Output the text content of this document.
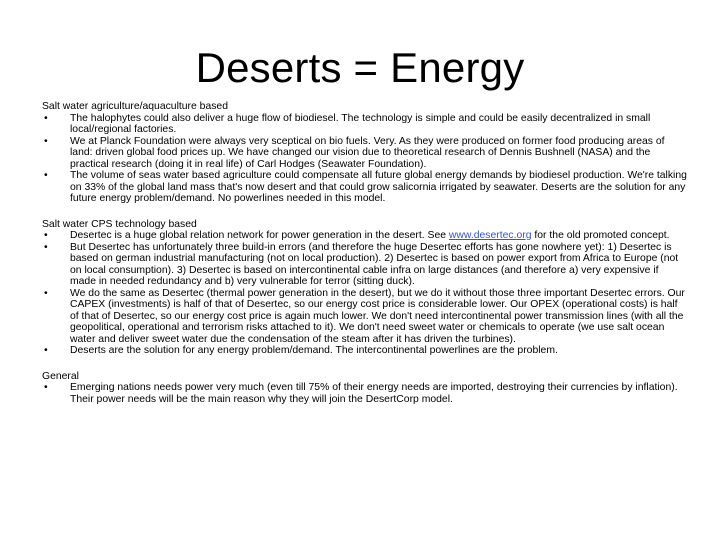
Deserts = Energy
Salt water agriculture/aquaculture based
• The halophytes could also deliver a huge flow of biodiesel. The technology is simple and could be easily decentralized in small local/regional factories.
• We at Planck Foundation were always very sceptical on bio fuels. Very. As they were produced on former food producing areas of land: driven global food prices up. We have changed our vision due to theoretical research of Dennis Bushnell (NASA) and the practical research (doing it in real life) of Carl Hodges (Seawater Foundation).
• The volume of seas water based agriculture could compensate all future global energy demands by biodiesel production. We're talking on 33% of the global land mass that's now desert and that could grow salicornia irrigated by seawater. Deserts are the solution for any future energy problem/demand. No powerlines needed in this model.
Salt water CPS technology based
• Desertec is a huge global relation network for power generation in the desert. See www.desertec.org for the old promoted concept.
• But Desertec has unfortunately three build-in errors (and therefore the huge Desertec efforts has gone nowhere yet): 1) Desertec is based on german industrial manufacturing (not on local production). 2) Desertec is based on power export from Africa to Europe (not on local consumption). 3) Desertec is based on intercontinental cable infra on large distances (and therefore a) very expensive if made in needed redundancy and b) very vulnerable for terror (sitting duck).
• We do the same as Desertec (thermal power generation in the desert), but we do it without those three important Desertec errors. Our CAPEX (investments) is half of that of Desertec, so our energy cost price is considerable lower. Our OPEX (operational costs) is half of that of Desertec, so our energy cost price is again much lower. We don't need intercontinental power transmission lines (with all the geopolitical, operational and terrorism risks attached to it). We don't need sweet water or chemicals to operate (we use salt ocean water and deliver sweet water due the condensation of the steam after it has driven the turbines).
• Deserts are the solution for any energy problem/demand. The intercontinental powerlines are the problem.
General
• Emerging nations needs power very much (even till 75% of their energy needs are imported, destroying their currencies by inflation). Their power needs will be the main reason why they will join the DesertCorp model.
